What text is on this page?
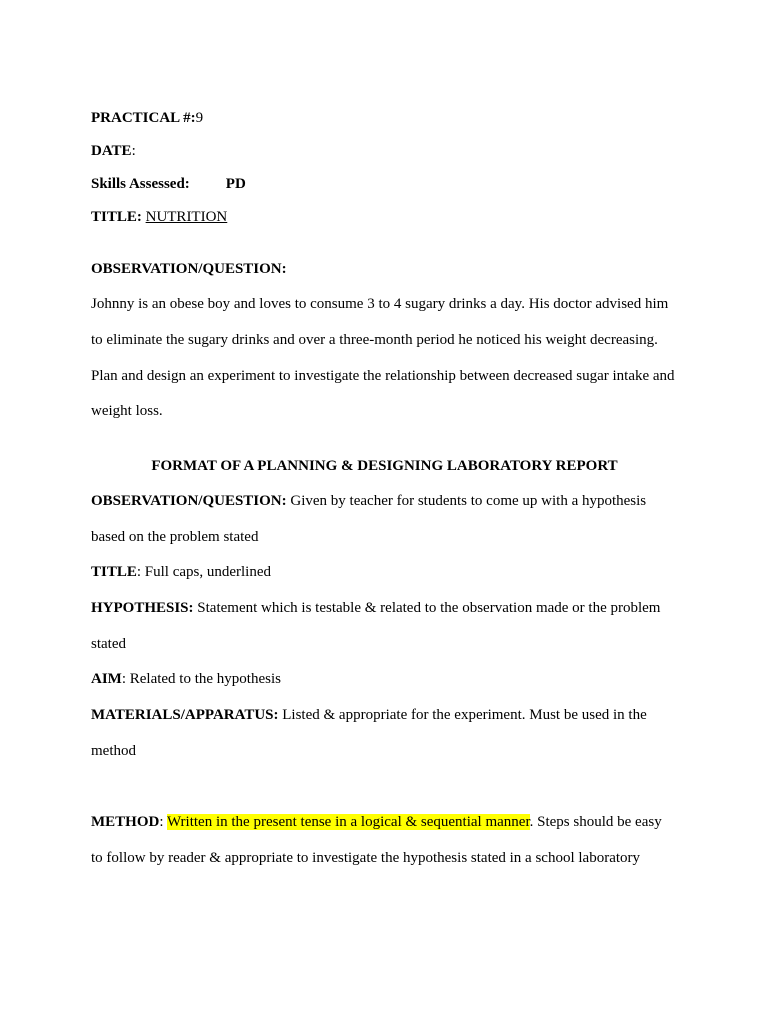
PRACTICAL #:9
DATE:
Skills Assessed: PD
TITLE: NUTRITION
OBSERVATION/QUESTION:
Johnny is an obese boy and loves to consume 3 to 4 sugary drinks a day. His doctor advised him
to eliminate the sugary drinks and over a three-month period he noticed his weight decreasing.
Plan and design an experiment to investigate the relationship between decreased sugar intake and
weight loss.
FORMAT OF A PLANNING & DESIGNING LABORATORY REPORT
OBSERVATION/QUESTION: Given by teacher for students to come up with a hypothesis
based on the problem stated
TITLE: Full caps, underlined
HYPOTHESIS: Statement which is testable & related to the observation made or the problem
stated
AIM: Related to the hypothesis
MATERIALS/APPARATUS: Listed & appropriate for the experiment. Must be used in the
method
METHOD: Written in the present tense in a logical & sequential manner. Steps should be easy
to follow by reader & appropriate to investigate the hypothesis stated in a school laboratory
